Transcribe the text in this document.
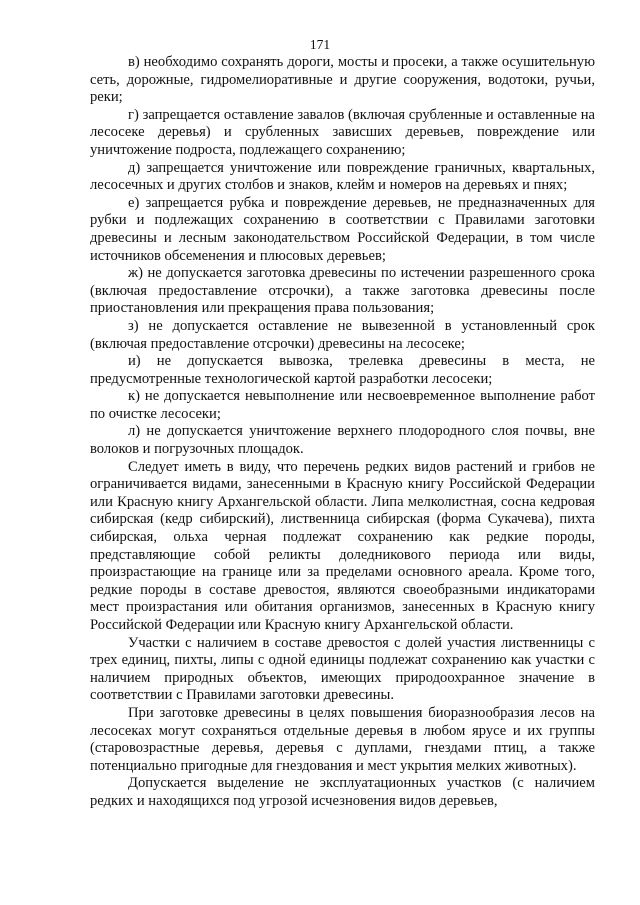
171

в) необходимо сохранять дороги, мосты и просеки, а также осушительную сеть, дорожные, гидромелиоративные и другие сооружения, водотоки, ручьи, реки;

г) запрещается оставление завалов (включая срубленные и оставленные на лесосеке деревья) и срубленных зависших деревьев, повреждение или уничтожение подроста, подлежащего сохранению;

д) запрещается уничтожение или повреждение граничных, квартальных, лесосечных и других столбов и знаков, клейм и номеров на деревьях и пнях;

е) запрещается рубка и повреждение деревьев, не предназначенных для рубки и подлежащих сохранению в соответствии с Правилами заготовки древесины и лесным законодательством Российской Федерации, в том числе источников обсеменения и плюсовых деревьев;

ж) не допускается заготовка древесины по истечении разрешенного срока (включая предоставление отсрочки), а также заготовка древесины после приостановления или прекращения права пользования;

з) не допускается оставление не вывезенной в установленный срок (включая предоставление отсрочки) древесины на лесосеке;

и) не допускается вывозка, трелевка древесины в места, не предусмотренные технологической картой разработки лесосеки;

к) не допускается невыполнение или несвоевременное выполнение работ по очистке лесосеки;

л) не допускается уничтожение верхнего плодородного слоя почвы, вне волоков и погрузочных площадок.

Следует иметь в виду, что перечень редких видов растений и грибов не ограничивается видами, занесенными в Красную книгу Российской Федерации или Красную книгу Архангельской области. Липа мелколистная, сосна кедровая сибирская (кедр сибирский), лиственница сибирская (форма Сукачева), пихта сибирская, ольха черная подлежат сохранению как редкие породы, представляющие собой реликты доледникового периода или виды, произрастающие на границе или за пределами основного ареала. Кроме того, редкие породы в составе древостоя, являются своеобразными индикаторами мест произрастания или обитания организмов, занесенных в Красную книгу Российской Федерации или Красную книгу Архангельской области.

Участки с наличием в составе древостоя с долей участия лиственницы с трех единиц, пихты, липы с одной единицы подлежат сохранению как участки с наличием природных объектов, имеющих природоохранное значение в соответствии с Правилами заготовки древесины.

При заготовке древесины в целях повышения биоразнообразия лесов на лесосеках могут сохраняться отдельные деревья в любом ярусе и их группы (старовозрастные деревья, деревья с дуплами, гнездами птиц, а также потенциально пригодные для гнездования и мест укрытия мелких животных).

Допускается выделение не эксплуатационных участков (с наличием редких и находящихся под угрозой исчезновения видов деревьев,
